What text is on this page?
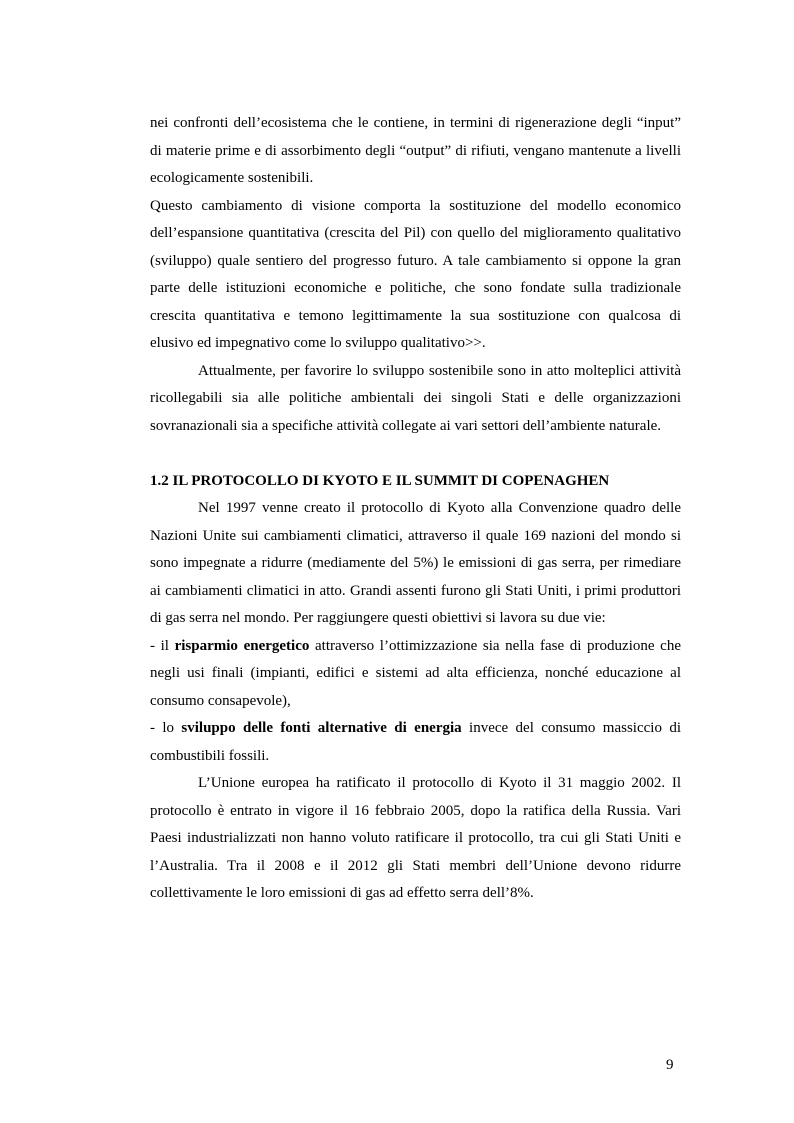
nei confronti dell’ecosistema che le contiene, in termini di rigenerazione degli “input” di materie prime e di assorbimento degli “output” di rifiuti, vengano mantenute a livelli ecologicamente sostenibili.

Questo cambiamento di visione comporta la sostituzione del modello economico dell’espansione quantitativa (crescita del Pil) con quello del miglioramento qualitativo (sviluppo) quale sentiero del progresso futuro. A tale cambiamento si oppone la gran parte delle istituzioni economiche e politiche, che sono fondate sulla tradizionale crescita quantitativa e temono legittimamente la sua sostituzione con qualcosa di elusivo ed impegnativo come lo sviluppo qualitativo>>.

Attualmente, per favorire lo sviluppo sostenibile sono in atto molteplici attività ricollegabili sia alle politiche ambientali dei singoli Stati e delle organizzazioni sovranazionali sia a specifiche attività collegate ai vari settori dell’ambiente naturale.

1.2 IL PROTOCOLLO DI KYOTO E IL SUMMIT DI COPENAGHEN

Nel 1997 venne creato il protocollo di Kyoto alla Convenzione quadro delle Nazioni Unite sui cambiamenti climatici, attraverso il quale 169 nazioni del mondo si sono impegnate a ridurre (mediamente del 5%) le emissioni di gas serra, per rimediare ai cambiamenti climatici in atto. Grandi assenti furono gli Stati Uniti, i primi produttori di gas serra nel mondo. Per raggiungere questi obiettivi si lavora su due vie:

- il risparmio energetico attraverso l’ottimizzazione sia nella fase di produzione che negli usi finali (impianti, edifici e sistemi ad alta efficienza, nonché educazione al consumo consapevole),

- lo sviluppo delle fonti alternative di energia invece del consumo massiccio di combustibili fossili.

L’Unione europea ha ratificato il protocollo di Kyoto il 31 maggio 2002. Il protocollo è entrato in vigore il 16 febbraio 2005, dopo la ratifica della Russia. Vari Paesi industrializzati non hanno voluto ratificare il protocollo, tra cui gli Stati Uniti e l’Australia. Tra il 2008 e il 2012 gli Stati membri dell’Unione devono ridurre collettivamente le loro emissioni di gas ad effetto serra dell’8%.

9
